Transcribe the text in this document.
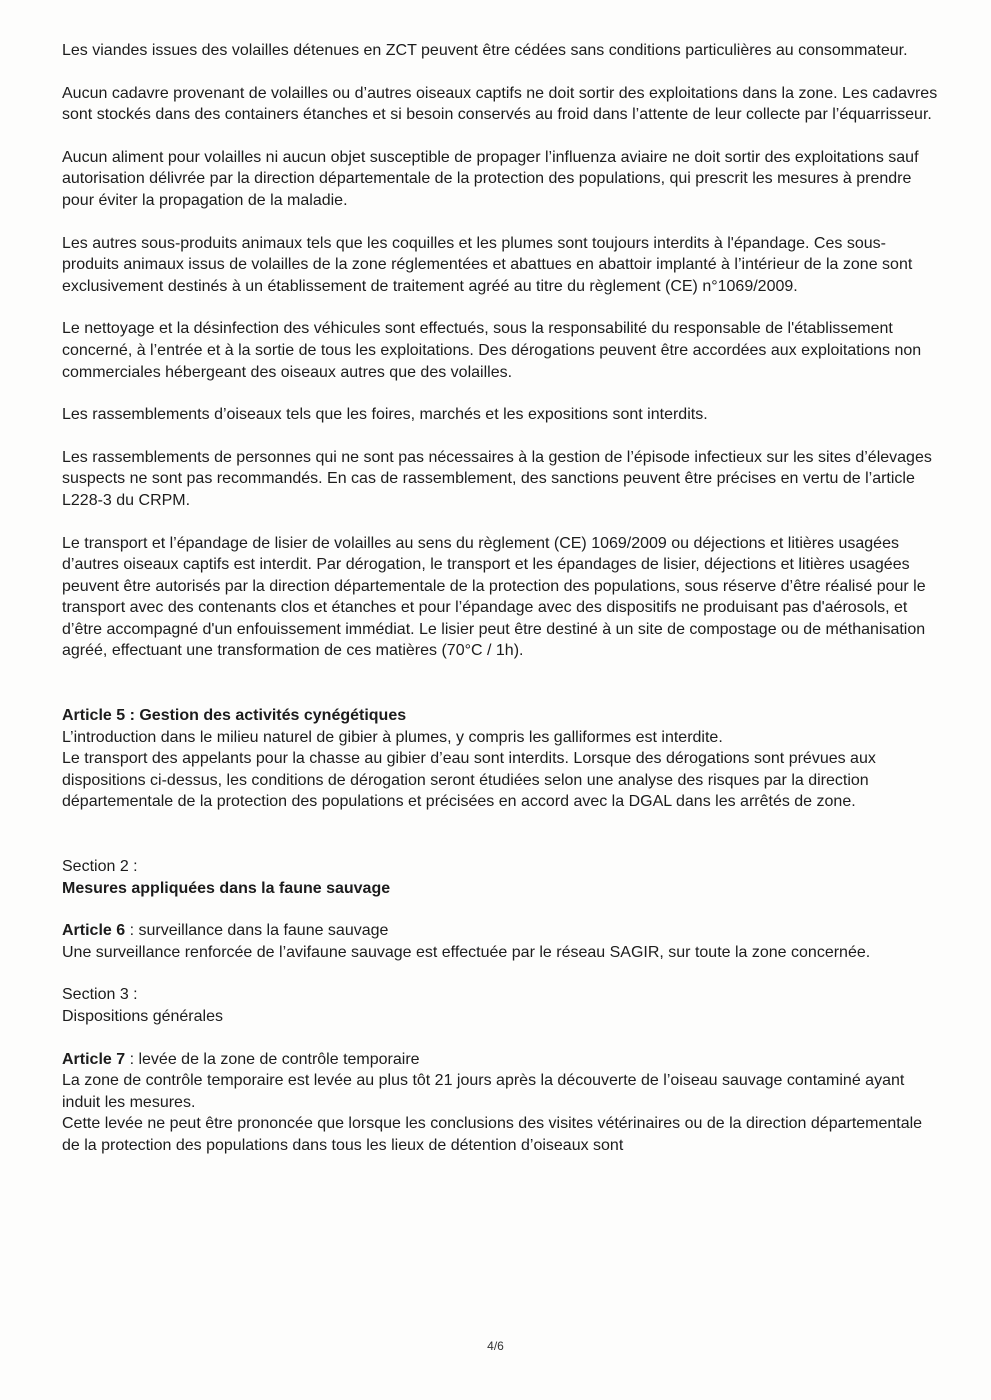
Les viandes issues des volailles détenues en ZCT peuvent être cédées sans conditions particulières au consommateur.

Aucun cadavre provenant de volailles ou d’autres oiseaux captifs ne doit sortir des exploitations dans la zone. Les cadavres sont stockés dans des containers étanches et si besoin conservés au froid dans l’attente de leur collecte par l’équarrisseur.

Aucun aliment pour volailles ni aucun objet susceptible de propager l’influenza aviaire ne doit sortir des exploitations sauf autorisation délivrée par la direction départementale de la protection des populations, qui prescrit les mesures à prendre pour éviter la propagation de la maladie.

Les autres sous-produits animaux tels que les coquilles et les plumes sont toujours interdits à l'épandage. Ces sous-produits animaux issus de volailles de la zone réglementées et abattues en abattoir implanté à l’intérieur de la zone sont exclusivement destinés à un établissement de traitement agréé au titre du règlement (CE) n°1069/2009.

Le nettoyage et la désinfection des véhicules sont effectués, sous la responsabilité du responsable de l'établissement concerné, à l’entrée et à la sortie de tous les exploitations. Des dérogations peuvent être accordées aux exploitations non commerciales hébergeant des oiseaux autres que des volailles.

Les rassemblements d’oiseaux tels que les foires, marchés et les expositions sont interdits.

Les rassemblements de personnes qui ne sont pas nécessaires à la gestion de l’épisode infectieux sur les sites d’élevages suspects ne sont pas recommandés. En cas de rassemblement, des sanctions peuvent être précises en vertu de l’article L228-3 du CRPM.

Le transport et l’épandage de lisier de volailles au sens du règlement (CE) 1069/2009 ou déjections et litières usagées d’autres oiseaux captifs est interdit. Par dérogation, le transport et les épandages de lisier, déjections et litières usagées peuvent être autorisés par la direction départementale de la protection des populations, sous réserve d’être réalisé pour le transport avec des contenants clos et étanches et pour l’épandage avec des dispositifs ne produisant pas d'aérosols, et d’être accompagné d'un enfouissement immédiat. Le lisier peut être destiné à un site de compostage ou de méthanisation agréé, effectuant une transformation de ces matières (70°C / 1h).

Article 5 : Gestion des activités cynégétiques

L’introduction dans le milieu naturel de gibier à plumes, y compris les galliformes est interdite.

Le transport des appelants pour la chasse au gibier d’eau sont interdits. Lorsque des dérogations sont prévues aux dispositions ci-dessus, les conditions de dérogation seront étudiées selon une analyse des risques par la direction départementale de la protection des populations et précisées en accord avec la DGAL dans les arrêtés de zone.

Section 2 :

Mesures appliquées dans la faune sauvage

Article 6 : surveillance dans la faune sauvage

Une surveillance renforcée de l’avifaune sauvage est effectuée par le réseau SAGIR, sur toute la zone concernée.

Section 3 :

Dispositions générales

Article 7 : levée de la zone de contrôle temporaire

La zone de contrôle temporaire est levée au plus tôt 21 jours après la découverte de l’oiseau sauvage contaminé ayant induit les mesures.

Cette levée ne peut être prononcée que lorsque les conclusions des visites vétérinaires ou de la direction départementale de la protection des populations dans tous les lieux de détention d’oiseaux sont

4/6
